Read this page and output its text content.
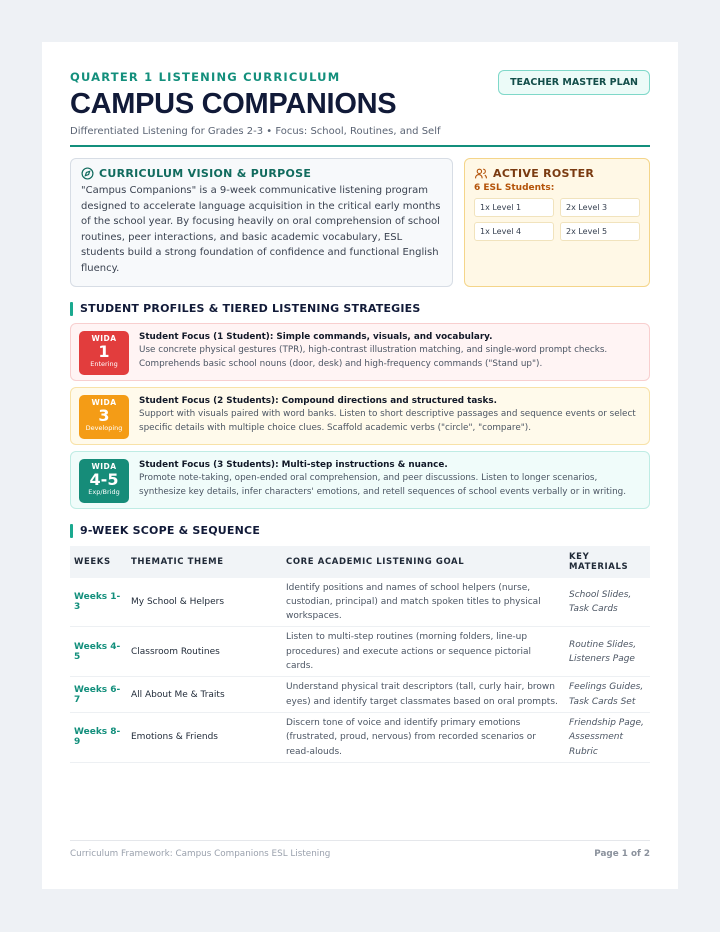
QUARTER 1 LISTENING CURRICULUM
CAMPUS COMPANIONS
Differentiated Listening for Grades 2-3 • Focus: School, Routines, and Self
TEACHER MASTER PLAN
CURRICULUM VISION & PURPOSE
"Campus Companions" is a 9-week communicative listening program designed to accelerate language acquisition in the critical early months of the school year. By focusing heavily on oral comprehension of school routines, peer interactions, and basic academic vocabulary, ESL students build a strong foundation of confidence and functional English fluency.
ACTIVE ROSTER
6 ESL Students:
1x Level 1	2x Level 3
1x Level 4	2x Level 5
STUDENT PROFILES & TIERED LISTENING STRATEGIES
WIDA
1
Entering
Student Focus (1 Student): Simple commands, visuals, and vocabulary.
Use concrete physical gestures (TPR), high-contrast illustration matching, and single-word prompt checks. Comprehends basic school nouns (door, desk) and high-frequency commands ("Stand up").
WIDA
3
Developing
Student Focus (2 Students): Compound directions and structured tasks.
Support with visuals paired with word banks. Listen to short descriptive passages and sequence events or select specific details with multiple choice clues. Scaffold academic verbs ("circle", "compare").
WIDA
4-5
Exp/Bridg
Student Focus (3 Students): Multi-step instructions & nuance.
Promote note-taking, open-ended oral comprehension, and peer discussions. Listen to longer scenarios, synthesize key details, infer characters' emotions, and retell sequences of school events verbally or in writing.
9-WEEK SCOPE & SEQUENCE
WEEKS	THEMATIC THEME	CORE ACADEMIC LISTENING GOAL	KEY MATERIALS
Weeks 1-3	My School & Helpers	Identify positions and names of school helpers (nurse, custodian, principal) and match spoken titles to physical workspaces.	School Slides, Task Cards
Weeks 4-5	Classroom Routines	Listen to multi-step routines (morning folders, line-up procedures) and execute actions or sequence pictorial cards.	Routine Slides, Listeners Page
Weeks 6-7	All About Me & Traits	Understand physical trait descriptors (tall, curly hair, brown eyes) and identify target classmates based on oral prompts.	Feelings Guides, Task Cards Set
Weeks 8-9	Emotions & Friends	Discern tone of voice and identify primary emotions (frustrated, proud, nervous) from recorded scenarios or read-alouds.	Friendship Page, Assessment Rubric
Curriculum Framework: Campus Companions ESL Listening	Page 1 of 2
